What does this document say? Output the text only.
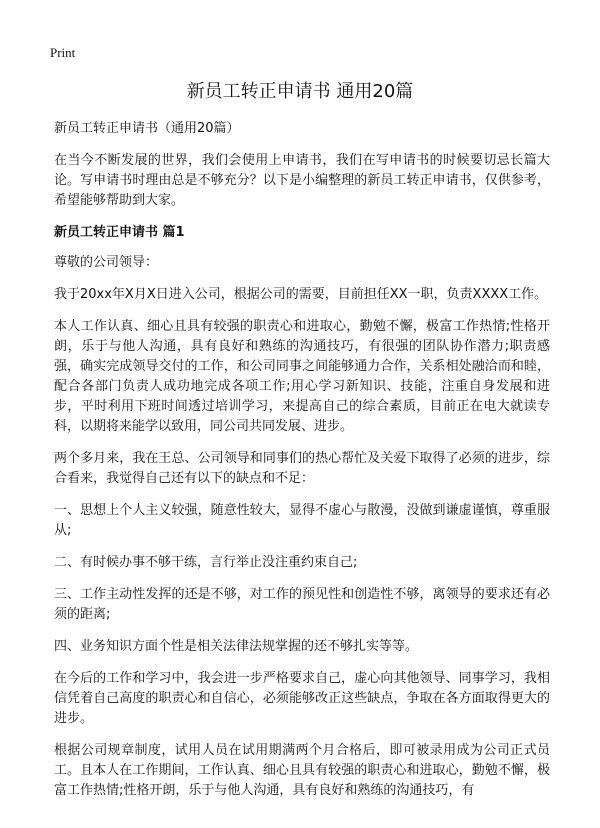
Print
新员工转正申请书 通用20篇

新员工转正申请书（通用20篇）

在当今不断发展的世界，我们会使用上申请书，我们在写申请书的时候要切忌长篇大论。写申请书时理由总是不够充分？以下是小编整理的新员工转正申请书，仅供参考，希望能够帮助到大家。

新员工转正申请书 篇1

尊敬的公司领导：

我于20xx年X月X日进入公司，根据公司的需要，目前担任XX一职，负责XXXX工作。

本人工作认真、细心且具有较强的职责心和进取心，勤勉不懈，极富工作热情;性格开朗，乐于与他人沟通，具有良好和熟练的沟通技巧，有很强的团队协作潜力;职责感强，确实完成领导交付的工作，和公司同事之间能够通力合作，关系相处融洽而和睦，配合各部门负责人成功地完成各项工作;用心学习新知识、技能，注重自身发展和进步，平时利用下班时间透过培训学习，来提高自己的综合素质，目前正在电大就读专科，以期将来能学以致用，同公司共同发展、进步。

两个多月来，我在王总、公司领导和同事们的热心帮忙及关爱下取得了必须的进步，综合看来，我觉得自己还有以下的缺点和不足：

一、思想上个人主义较强，随意性较大，显得不虚心与散漫，没做到谦虚谨慎，尊重服从;

二、有时候办事不够干练，言行举止没注重约束自己;

三、工作主动性发挥的还是不够，对工作的预见性和创造性不够，离领导的要求还有必须的距离;

四、业务知识方面个性是相关法律法规掌握的还不够扎实等等。

在今后的工作和学习中，我会进一步严格要求自己，虚心向其他领导、同事学习，我相信凭着自己高度的职责心和自信心，必须能够改正这些缺点，争取在各方面取得更大的进步。

根据公司规章制度，试用人员在试用期满两个月合格后，即可被录用成为公司正式员工。且本人在工作期间，工作认真、细心且具有较强的职责心和进取心，勤勉不懈，极富工作热情;性格开朗，乐于与他人沟通，具有良好和熟练的沟通技巧，有
